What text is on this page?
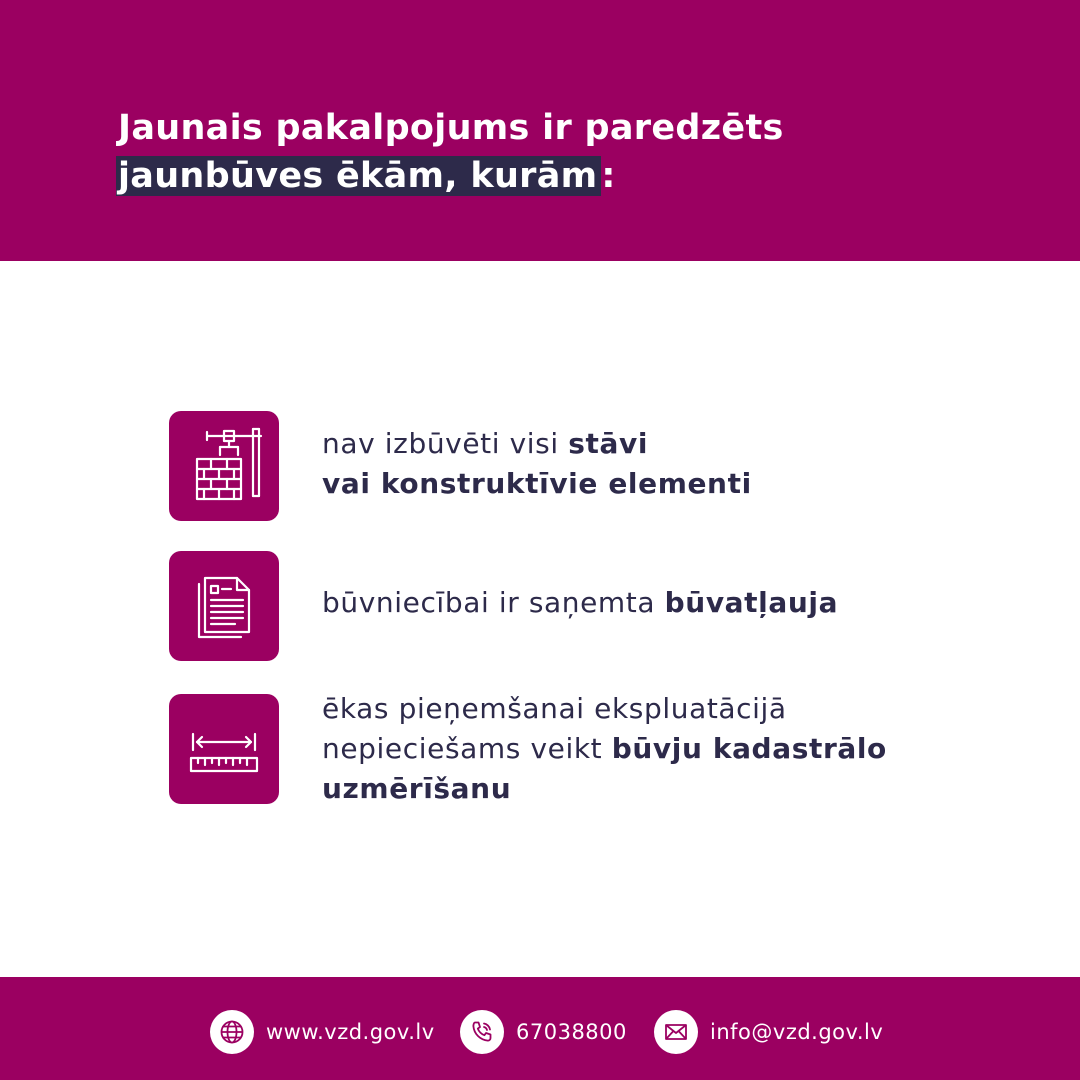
Jaunais pakalpojums ir paredzēts
jaunbūves ēkām, kurām :
nav izbūvēti visi stāvi
vai konstruktīvie elementi
būvniecībai ir saņemta būvatļauja
ēkas pieņemšanai ekspluatācijā
nepieciešams veikt būvju kadastrālo
uzmērīšanu
www.vzd.gov.lv	67038800	info@vzd.gov.lv
